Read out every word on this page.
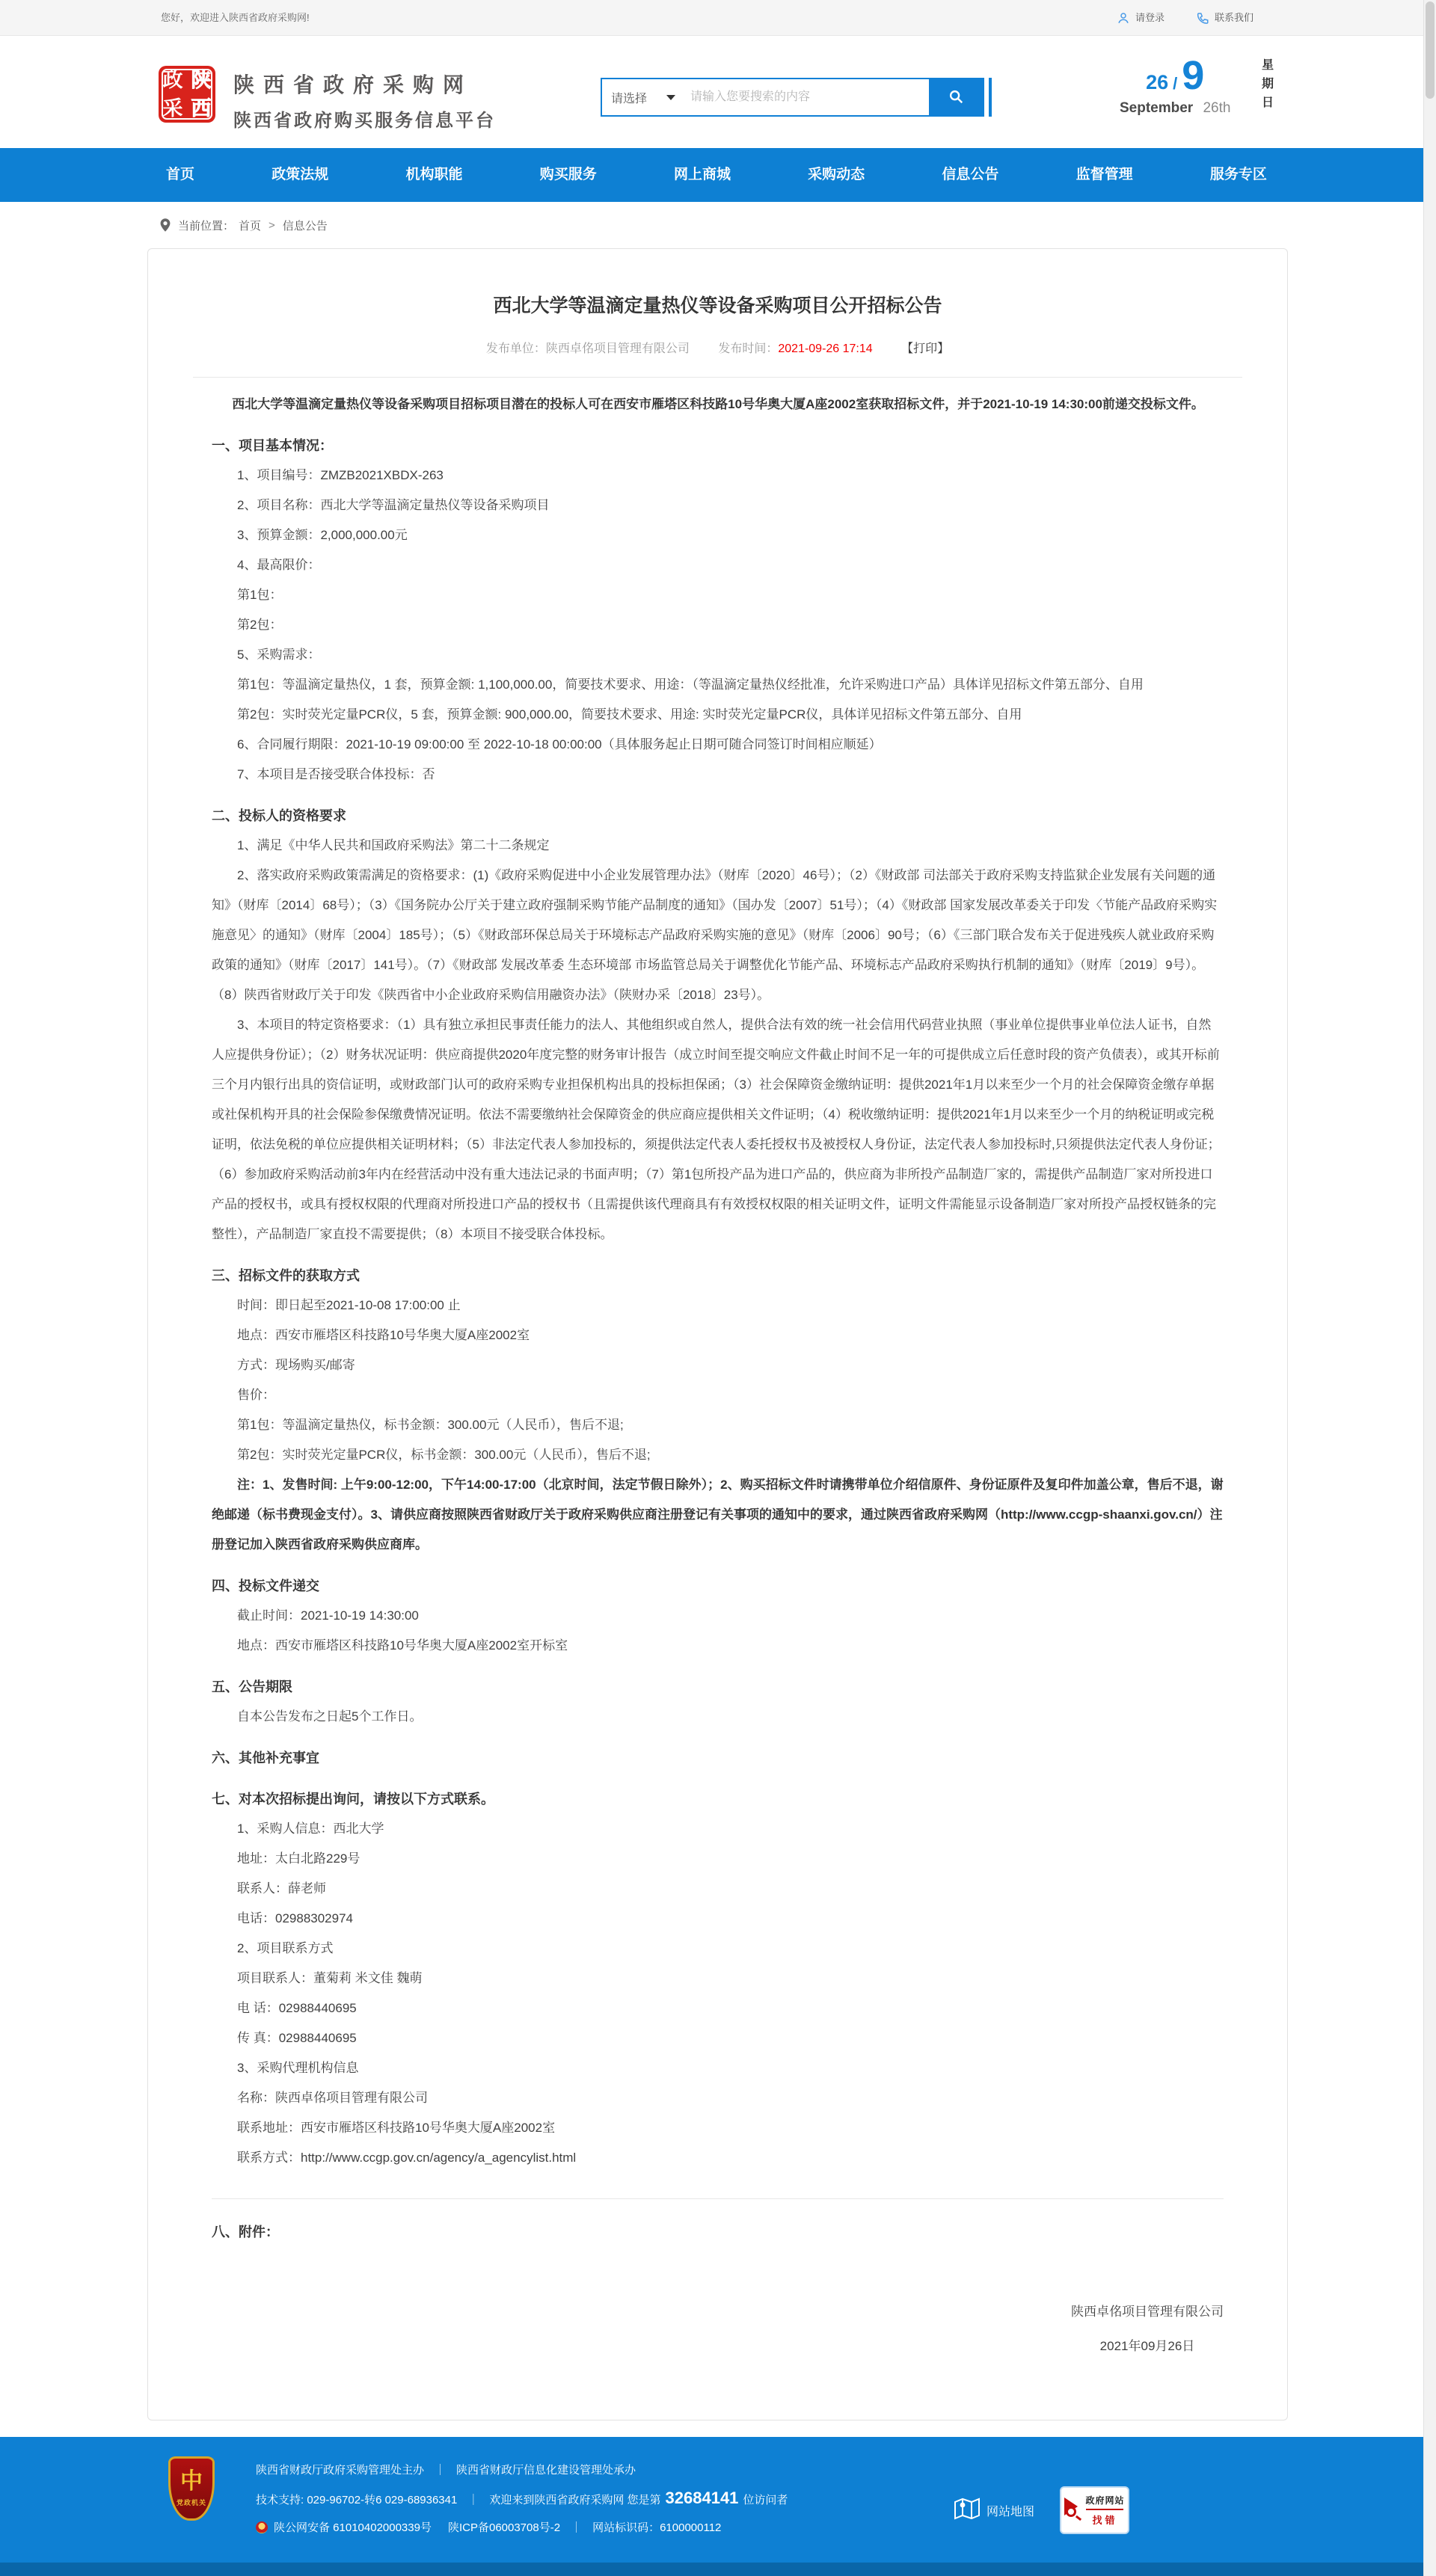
您好，欢迎进入陕西省政府采购网!	请登录	联系我们
政 陕
采 西
陕西省政府采购网
陕西省政府购买服务信息平台
请选择
请输入您要搜索的内容
26 / 9
September 26th 星期日
首页	政策法规	机构职能	购买服务	网上商城	采购动态	信息公告	监督管理	服务专区
当前位置： 首页 > 信息公告
西北大学等温滴定量热仪等设备采购项目公开招标公告
发布单位：陕西卓佲项目管理有限公司 发布时间：2021-09-26 17:14 【打印】

西北大学等温滴定量热仪等设备采购项目招标项目潜在的投标人可在西安市雁塔区科技路10号华奥大厦A座2002室获取招标文件，并于2021-10-19 14:30:00前递交投标文件。

一、项目基本情况：

1、项目编号：ZMZB2021XBDX-263

2、项目名称：西北大学等温滴定量热仪等设备采购项目

3、预算金额：2,000,000.00元

4、最高限价：

第1包：

第2包：

5、采购需求：

第1包：等温滴定量热仪，1 套，预算金额: 1,100,000.00，简要技术要求、用途：（等温滴定量热仪经批准，允许采购进口产品）具体详见招标文件第五部分、自用

第2包：实时荧光定量PCR仪，5 套，预算金额: 900,000.00，简要技术要求、用途: 实时荧光定量PCR仪，具体详见招标文件第五部分、自用

6、合同履行期限：2021-10-19 09:00:00 至 2022-10-18 00:00:00（具体服务起止日期可随合同签订时间相应顺延）

7、本项目是否接受联合体投标：否

二、投标人的资格要求

1、满足《中华人民共和国政府采购法》第二十二条规定

2、落实政府采购政策需满足的资格要求：(1)《政府采购促进中小企业发展管理办法》（财库〔2020〕46号）；（2）《财政部 司法部关于政府采购支持监狱企业发展有关问题的通知》（财库〔2014〕68号）；（3）《国务院办公厅关于建立政府强制采购节能产品制度的通知》（国办发〔2007〕51号）；（4）《财政部 国家发展改革委关于印发〈节能产品政府采购实施意见〉的通知》（财库〔2004〕185号）；（5）《财政部环保总局关于环境标志产品政府采购实施的意见》（财库〔2006〕90号；（6）《三部门联合发布关于促进残疾人就业政府采购政策的通知》（财库〔2017〕141号）。（7）《财政部 发展改革委 生态环境部 市场监管总局关于调整优化节能产品、环境标志产品政府采购执行机制的通知》（财库〔2019〕9号）。（8）陕西省财政厅关于印发《陕西省中小企业政府采购信用融资办法》（陕财办采〔2018〕23号）。

3、本项目的特定资格要求：（1）具有独立承担民事责任能力的法人、其他组织或自然人，提供合法有效的统一社会信用代码营业执照（事业单位提供事业单位法人证书，自然人应提供身份证）；（2）财务状况证明：供应商提供2020年度完整的财务审计报告（成立时间至提交响应文件截止时间不足一年的可提供成立后任意时段的资产负债表），或其开标前三个月内银行出具的资信证明，或财政部门认可的政府采购专业担保机构出具的投标担保函；（3）社会保障资金缴纳证明：提供2021年1月以来至少一个月的社会保障资金缴存单据或社保机构开具的社会保险参保缴费情况证明。依法不需要缴纳社会保障资金的供应商应提供相关文件证明；（4）税收缴纳证明：提供2021年1月以来至少一个月的纳税证明或完税证明，依法免税的单位应提供相关证明材料；（5）非法定代表人参加投标的，须提供法定代表人委托授权书及被授权人身份证，法定代表人参加投标时,只须提供法定代表人身份证；（6）参加政府采购活动前3年内在经营活动中没有重大违法记录的书面声明；（7）第1包所投产品为进口产品的，供应商为非所投产品制造厂家的，需提供产品制造厂家对所投进口产品的授权书，或具有授权权限的代理商对所投进口产品的授权书（且需提供该代理商具有有效授权权限的相关证明文件，证明文件需能显示设备制造厂家对所投产品授权链条的完整性），产品制造厂家直投不需要提供；（8）本项目不接受联合体投标。

三、招标文件的获取方式

时间：即日起至2021-10-08 17:00:00 止

地点：西安市雁塔区科技路10号华奥大厦A座2002室

方式：现场购买/邮寄

售价：

第1包：等温滴定量热仪，标书金额：300.00元（人民币），售后不退;

第2包：实时荧光定量PCR仪，标书金额：300.00元（人民币），售后不退;

注：1、发售时间: 上午9:00-12:00，下午14:00-17:00（北京时间，法定节假日除外）；2、购买招标文件时请携带单位介绍信原件、身份证原件及复印件加盖公章，售后不退，谢绝邮递（标书费现金支付）。3、请供应商按照陕西省财政厅关于政府采购供应商注册登记有关事项的通知中的要求，通过陕西省政府采购网（http://www.ccgp-shaanxi.gov.cn/）注册登记加入陕西省政府采购供应商库。

四、投标文件递交

截止时间：2021-10-19 14:30:00

地点：西安市雁塔区科技路10号华奥大厦A座2002室开标室

五、公告期限

自本公告发布之日起5个工作日。

六、其他补充事宜

七、对本次招标提出询问，请按以下方式联系。

1、采购人信息：西北大学

地址：太白北路229号

联系人：薛老师

电话：02988302974

2、项目联系方式

项目联系人：董菊莉 米文佳 魏萌

电 话：02988440695

传 真：02988440695

3、采购代理机构信息

名称：陕西卓佲项目管理有限公司

联系地址：西安市雁塔区科技路10号华奥大厦A座2002室

联系方式：http://www.ccgp.gov.cn/agency/a_agencylist.html

八、附件：

陕西卓佲项目管理有限公司
2021年09月26日
中
党政机关
陕西省财政厅政府采购管理处主办 ｜ 陕西省财政厅信息化建设管理处承办
技术支持: 029-96702-转6 029-68936341 ｜ 欢迎来到陕西省政府采购网 您是第 32684141 位访问者
陕公网安备 61010402000339号 陕ICP备06003708号-2 ｜ 网站标识码：6100000112
网站地图
政府网站
找错
